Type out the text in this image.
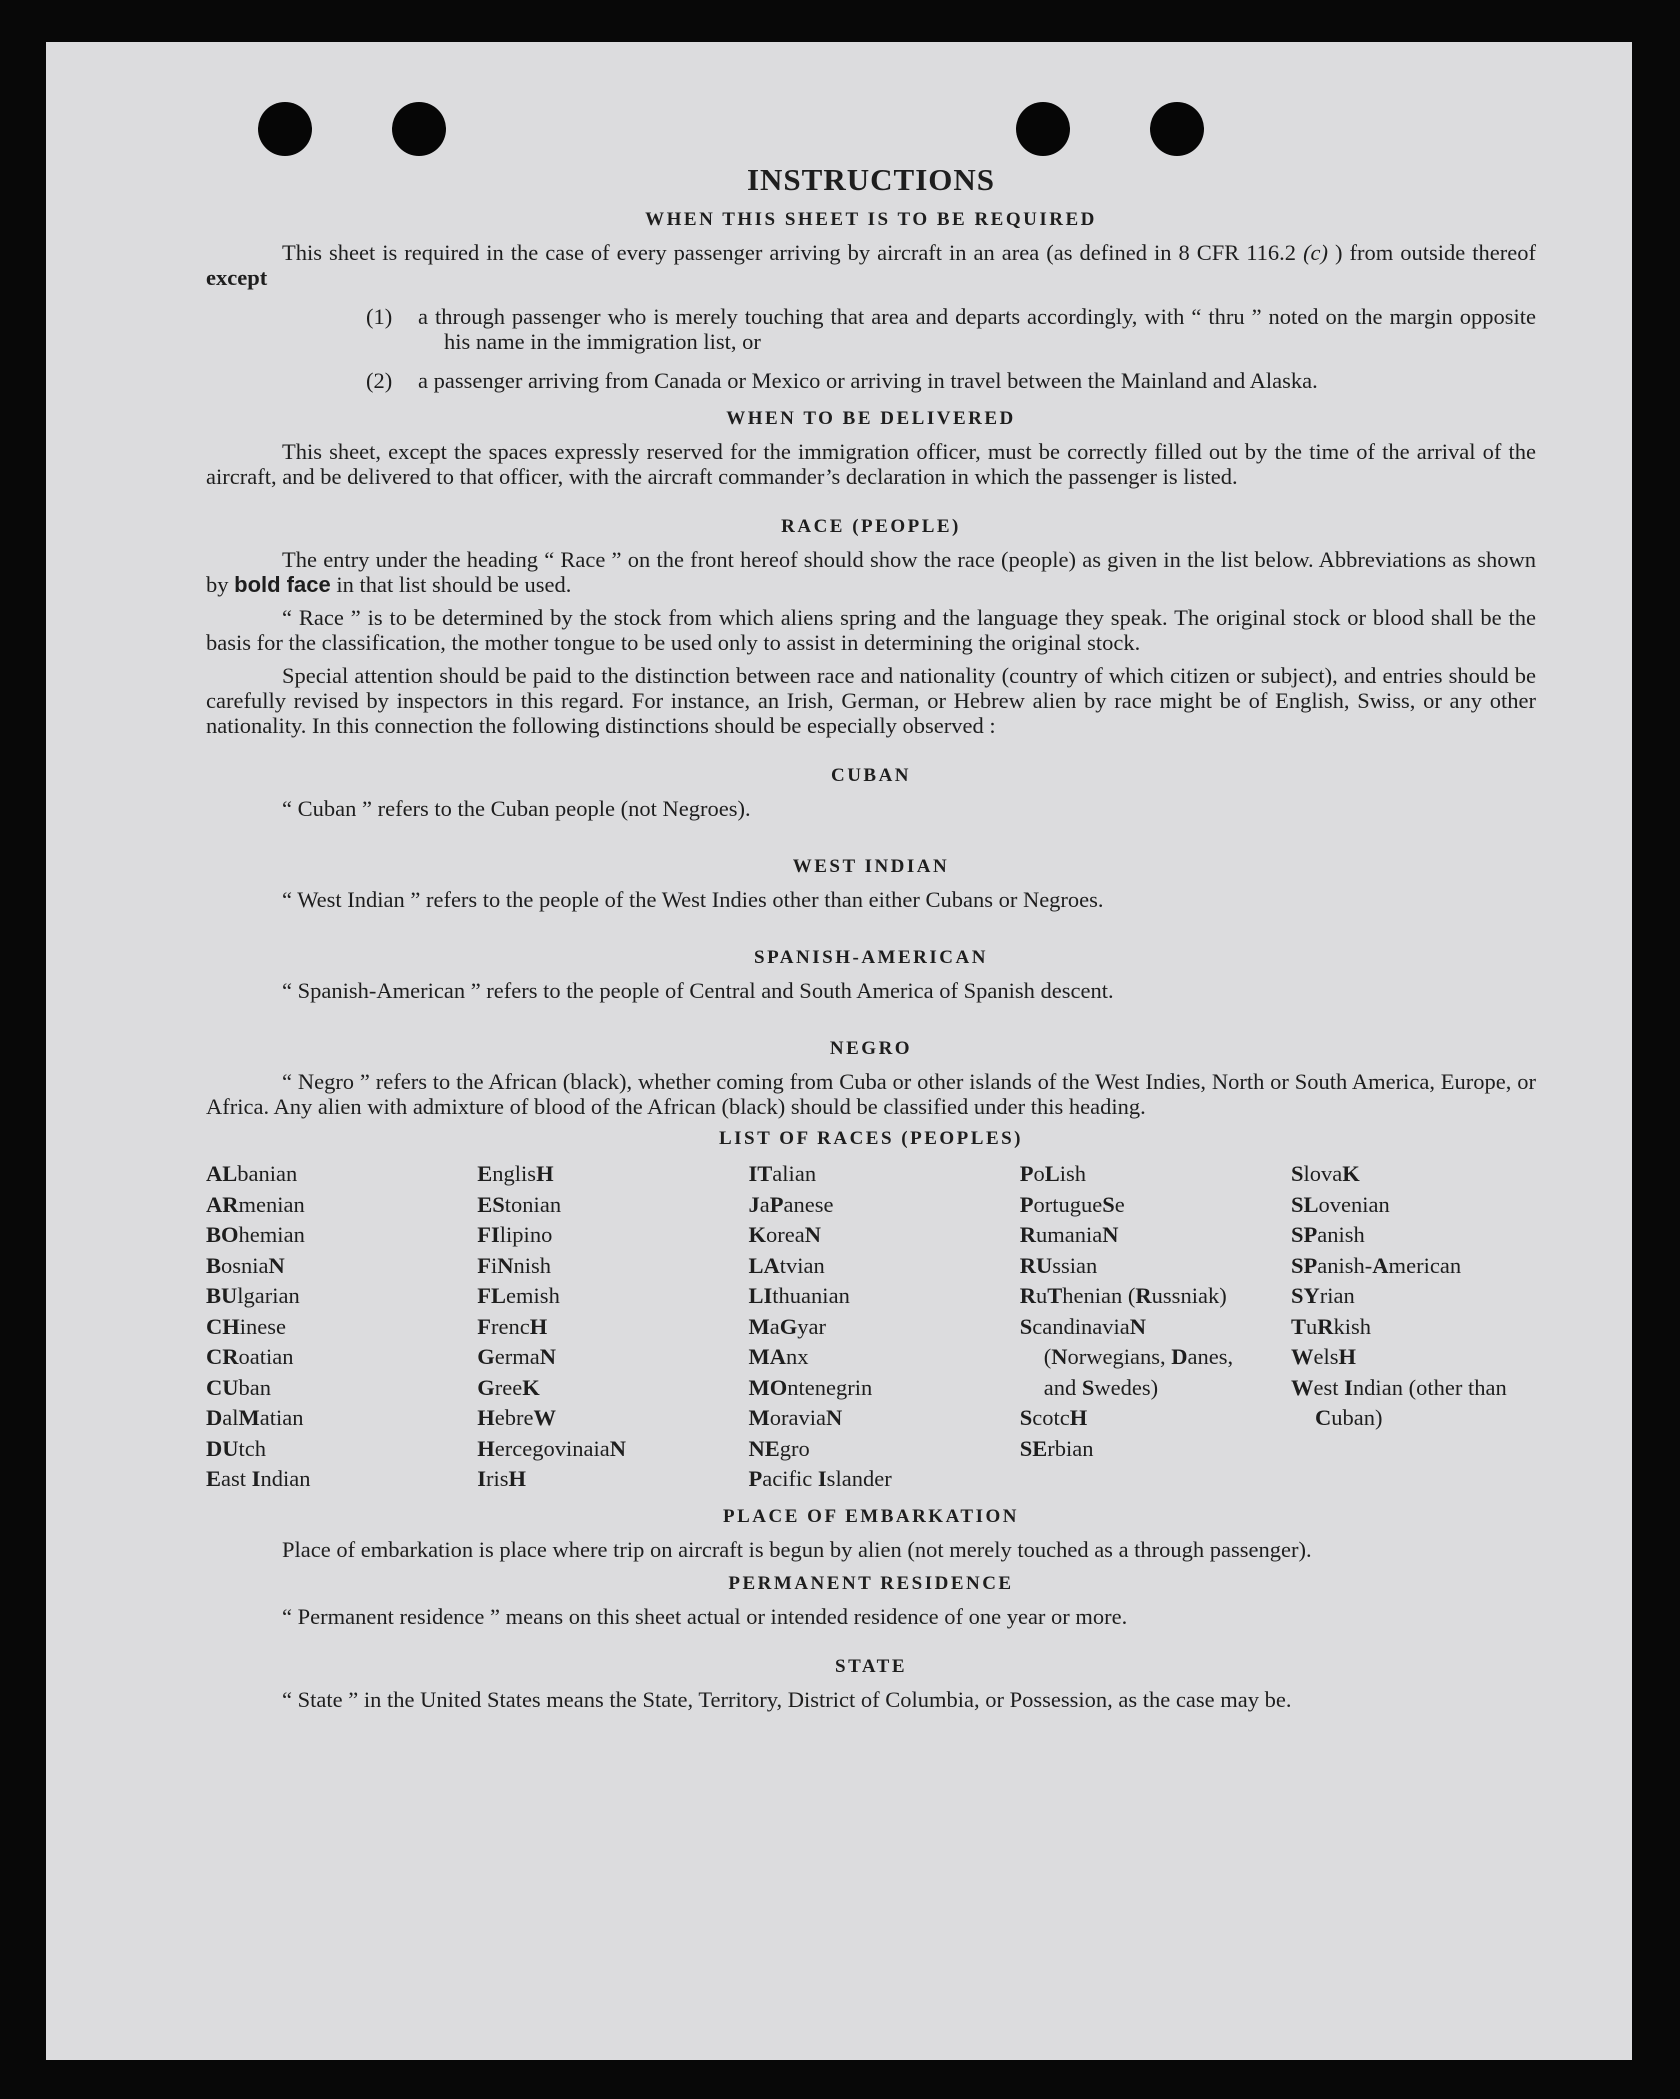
INSTRUCTIONS
WHEN THIS SHEET IS TO BE REQUIRED

This sheet is required in the case of every passenger arriving by aircraft in an area (as defined in 8 CFR 116.2 (c) ) from outside thereof except

(1)	a through passenger who is merely touching that area and departs accordingly, with “ thru ” noted on the margin opposite his name in the immigration list, or
(2)	a passenger arriving from Canada or Mexico or arriving in travel between the Mainland and Alaska.
WHEN TO BE DELIVERED

This sheet, except the spaces expressly reserved for the immigration officer, must be correctly filled out by the time of the arrival of the aircraft, and be delivered to that officer, with the aircraft commander’s declaration in which the passenger is listed.

RACE (PEOPLE)

The entry under the heading “ Race ” on the front hereof should show the race (people) as given in the list below. Abbreviations as shown by bold face in that list should be used.

“ Race ” is to be determined by the stock from which aliens spring and the language they speak. The original stock or blood shall be the basis for the classification, the mother tongue to be used only to assist in determining the original stock.

Special attention should be paid to the distinction between race and nationality (country of which citizen or subject), and entries should be carefully revised by inspectors in this regard. For instance, an Irish, German, or Hebrew alien by race might be of English, Swiss, or any other nationality. In this connection the following distinctions should be especially observed :

CUBAN

“ Cuban ” refers to the Cuban people (not Negroes).

WEST INDIAN

“ West Indian ” refers to the people of the West Indies other than either Cubans or Negroes.

SPANISH-AMERICAN

“ Spanish-American ” refers to the people of Central and South America of Spanish descent.

NEGRO

“ Negro ” refers to the African (black), whether coming from Cuba or other islands of the West Indies, North or South America, Europe, or Africa. Any alien with admixture of blood of the African (black) should be classified under this heading.

LIST OF RACES (PEOPLES)
ALbanian
ARmenian
BOhemian
BosniaN
BUlgarian
CHinese
CRoatian
CUban
DalMatian
DUtch
East Indian
EnglisH
EStonian
FIlipino
FiNnish
FLemish
FrencH
GermaN
GreeK
HebreW
HercegovinaiaN
IrisH
ITalian
JaPanese
KoreaN
LAtvian
LIthuanian
MaGyar
MAnx
MOntenegrin
MoraviaN
NEgro
Pacific Islander
PoLish
PortugueSe
RumaniaN
RUssian
RuThenian (Russniak)
ScandinaviaN (Norwegians, Danes, and Swedes)
ScotcH
SErbian
SlovaK
SLovenian
SPanish
SPanish-American
SYrian
TuRkish
WelsH
West Indian (other than Cuban)
PLACE OF EMBARKATION

Place of embarkation is place where trip on aircraft is begun by alien (not merely touched as a through passenger).

PERMANENT RESIDENCE

“ Permanent residence ” means on this sheet actual or intended residence of one year or more.

STATE

“ State ” in the United States means the State, Territory, District of Columbia, or Possession, as the case may be.
